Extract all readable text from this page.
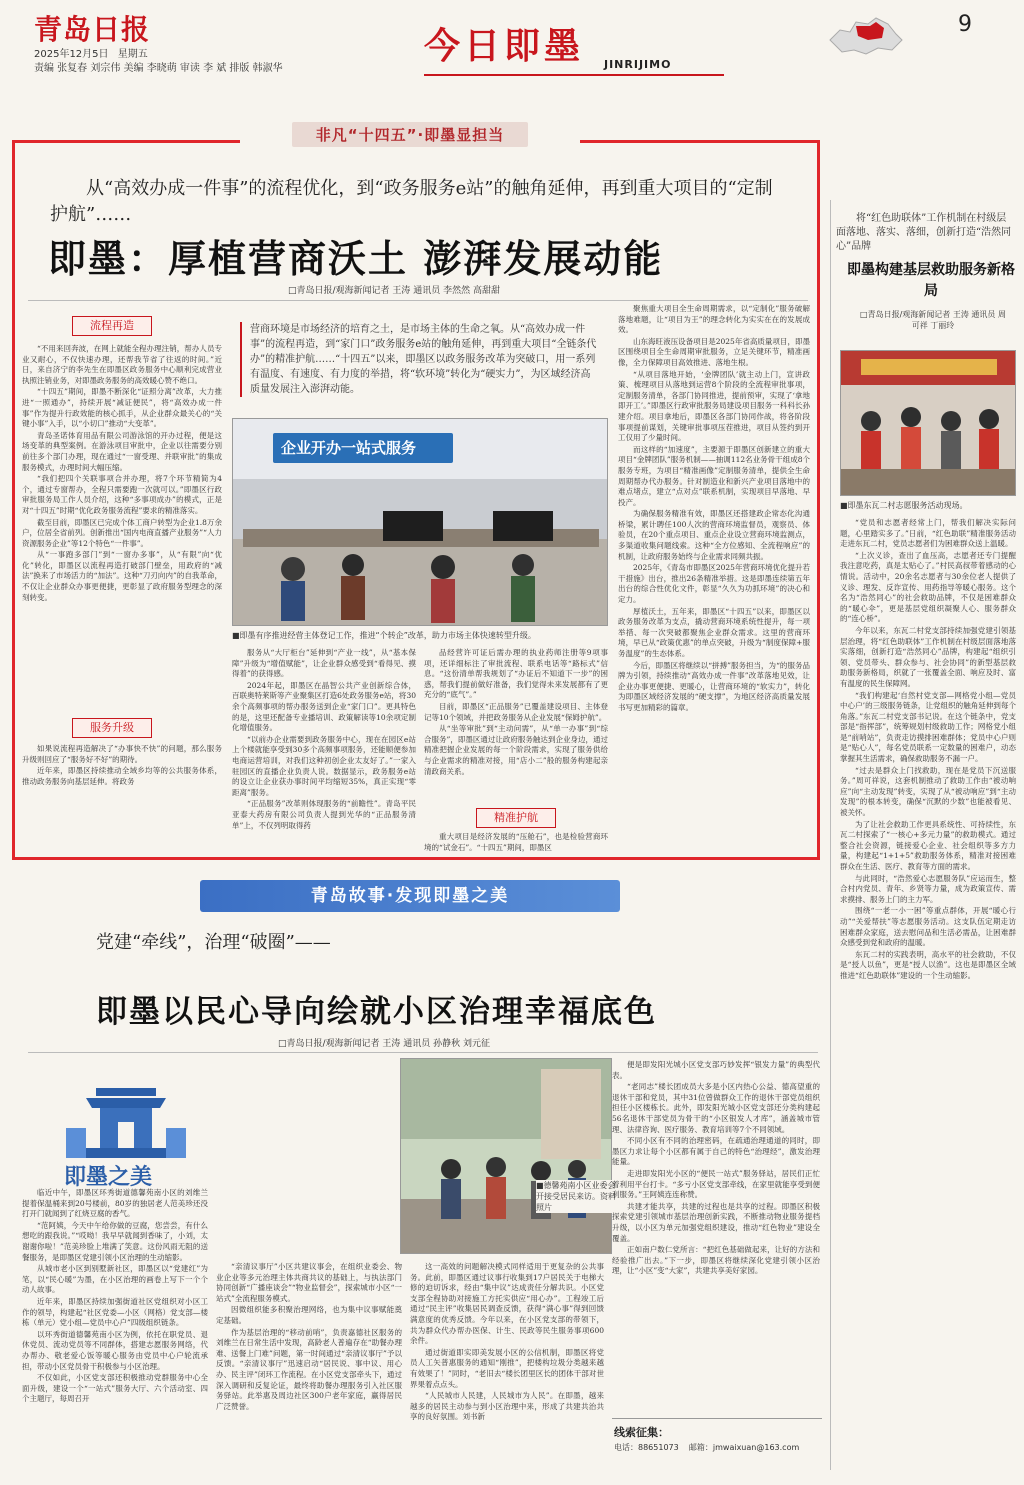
青岛日报
2025年12月5日 星期五
责编 张复春 刘宗伟 美编 李晓萌 审读 李 斌 排版 韩淑华
今日即墨 JINRIJIMO
9
非凡“十四五”·即墨显担当
从“高效办成一件事”的流程优化，到“政务服务e站”的触角延伸，再到重大项目的“定制护航”……
即墨：厚植营商沃土 澎湃发展动能
□青岛日报/观海新闻记者 王涛 通讯员 李然然 高甜甜
流程再造

“不用来回奔波，在网上就能全程办理注销，帮办人员专业又耐心，不仅快速办理，还帮我节省了往返的时间。”近日，来自济宁的李先生在即墨区政务服务中心顺利完成营业执照注销业务，对即墨政务服务的高效暖心赞不绝口。

“十四五”期间，即墨不断深化“证照分离”改革，大力推进“一照通办”，持续开展“减证便民”，将“高效办成一件事”作为提升行政效能的核心抓手，从企业群众最关心的“关键小事”入手，以“小切口”推动“大变革”。

青岛圣诺体育用品有限公司游泳馆的开办过程，便是这场变革的典型案例。在游泳项目审批中，企业以往需要分别前往多个部门办理，现在通过“一窗受理、并联审批”的集成服务模式，办理时间大幅压缩。

“我们把四个关联事项合并办理，将7个环节精简为4个，通过专窗帮办，全程只需要跑一次就可以。”即墨区行政审批服务局工作人员介绍，这种“多事项成办”的模式，正是对“十四五”时期“优化政务服务流程”要求的精准落实。

截至目前，即墨区已完成个体工商户转型为企业1.8万余户，位居全省前列。创新推出“国内电商直播产业服务”“人力资源服务企业”等12个特色“一件事”。

从“一事跑多部门”到“一窗办多事”，从“有限”向“优化”转化，即墨区以流程再造打破部门壁垒，用政府的“减法”换来了市场活力的“加法”。这种“刀刃向内”的自我革命，不仅让企业群众办事更便捷，更彰显了政府服务型理念的深刻转变。

服务升级

如果说流程再造解决了“办事快不快”的问题，那么服务升级则回应了“服务好不好”的期待。

近年来，即墨区持续推动全域乡均等的公共服务体系，推动政务服务向基层延伸。将政务

营商环境是市场经济的培育之土，是市场主体的生命之氧。从“高效办成一件事”的流程再造，到“家门口”政务服务e站的触角延伸，再到重大项目“全链条代办”的精准护航……“十四五”以来，即墨区以政务服务改革为突破口，用一系列有温度、有速度、有力度的举措，将“软环境”转化为“硬实力”，为区域经济高质量发展注入澎湃动能。
企业开办一站式服务
■即墨有序推进经营主体登记工作，推进“个转企”改革，助力市场主体快速转型升级。

服务从“大厅柜台”延伸到“产业一线”，从“基本保障”升级为“增值赋能”，让企业群众感受到“看得见、摸得着”的获得感。

2024年起，即墨区在晶智公共产业创新综合体，百联奥特莱斯等产业聚集区打造6处政务服务e站，将30余个高频事项的帮办服务送到企业“家门口”。更具特色的是，这里还配备专业播培训、政策解读等10余项定制化增值服务。

“以前办企业需要到政务服务中心，现在在园区e站上个楼就能享受到30多个高频事项服务，还能顺便参加电商运营培训，对我们这种初创企业太友好了。”一家入驻园区的直播企业负责人说。数据显示，政务服务e站的设立让企业获办事时间平均缩短35%，真正实现“零距离”服务。

“正品服务”改革则体现服务的“前瞻性”。青岛平民亚泰大药房有限公司负责人提到光华的“正品服务清单”上，不仅列明取得药

品经营许可证后需办理的执业药师注册等9项事项，还详细标注了审批流程、联系电话等“路标式”信息。“这份清单帮我规划了“办证后不知道下一步”的困惑，帮我们提前做好准备，我们觉得未来发展都有了更充分的“底气”。”

目前，即墨区“正品服务”已覆盖建设项目、主体登记等10个领域，并把政务服务从企业发展“保姆护航”。

从“坐等审批”到“主动问需”，从“单一办事”到“综合服务”，即墨区通过让政府服务触达到企业身边，通过精准把握企业发展的每一个阶段需求，实现了服务供给与企业需求的精准对接，用“店小二”般的服务构建起亲清政商关系。

精准护航

重大项目是经济发展的“压舱石”，也是检验营商环境的“试金石”。“十四五”期间，即墨区

聚焦重大项目全生命周期需求，以“定制化”服务破解落地难题，让“项目为王”的理念转化为实实在在的发展成效。

山东海旺液压设备项目是2025年省高质量项目，即墨区围绕项目全生命周期审批服务，立足关键环节，精准画像，全力保障项目高效推进、落地生根。

“从项目落地开始，‘金牌团队’就主动上门，宣讲政策、梳理项目从落地到运营8个阶段的全流程审批事项，定制服务清单，各部门协同推进，提前预审，实现了‘拿地即开工’。”即墨区行政审批服务局建设项目服务一科科长孙建介绍。项目拿地后，即墨区各部门协同作战，将各阶段事项提前谋划，关键审批事项压茬推进，项目从签约到开工仅用了少量时间。

而这样的“加速度”，主要源于即墨区创新建立的重大项目“金牌团队”服务机制——抽调112名业务骨干组成8个服务专班，为项目“精准画像”定制服务清单，提供全生命周期帮办代办服务。针对制造业和新兴产业项目落地中的难点堵点，建立“点对点”联系机制，实现项目早落地、早投产。

为确保服务精准有效，即墨区还搭建政企常态化沟通桥梁，累计聘任100人次的营商环境监督员，观察员、体验员，在20个重点项目、重点企业设立营商环境监测点，多渠道收集问题线索。这种“全方位感知、全流程响应”的机制，让政府服务始终与企业需求同频共振。

2025年，《青岛市即墨区2025年营商环境优化提升若干措施》出台，推出26条精准举措。这是即墨连续第五年出台的综合性优化文件，彰显“久久为功抓环境”的决心和定力。

厚植沃土，五年来，即墨区“十四五”以来，即墨区以政务服务改革为支点，撬动营商环境系统性提升，每一项举措、每一次突破都聚焦企业群众需求。这里的营商环境，早已从“政策优惠”的单点突破，升级为“制度保障+服务温度”的生态体系。

今后，即墨区将继续以“拼搏”服务担当，为“的服务品牌为引领，持续推动“高效办成一件事”改革落地见效，让企业办事更便捷、更暖心，让营商环境的“软实力”，转化为即墨区域经济发展的“硬支撑”，为地区经济高质量发展书写更加精彩的篇章。

将“红色助联体”工作机制在村级层面落地、落实、落细，创新打造“浩然同心”品牌
即墨构建基层救助服务新格局
□青岛日报/观海新闻记者 王涛 通讯员 周可祥 丁丽玲
■即墨东瓦二村志愿服务活动现场。

“党员和志愿者经常上门，帮我们解决实际问题，心里踏实多了。”日前，“红色助联”精准服务活动走进东瓦二村，党员志愿者们为困难群众送上温暖。

“上次义诊，查出了血压高，志愿者还专门提醒我注意吃药，真是太贴心了。”村民高叔带着感动的心情说。活动中，20余名志愿者与30余位老人提供了义诊、理发、反诈宣传、用药指导等暖心服务。这个名为“浩然同心”的社会救助品牌，不仅是困难群众的“暖心伞”，更是基层党组织凝聚人心、服务群众的“连心桥”。

今年以来，东瓦二村党支部持续加强党建引领基层治理，将“红色助联体”工作机制在村级层面落地落实落细，创新打造“浩然同心”品牌，构建起“组织引领、党员带头、群众参与、社会协同”的新型基层救助服务新格局，织就了一张覆盖全面、响应及时、富有温度的民生保障网。

“我们构建起‘自然村党支部—网格党小组—党员中心户’的三级服务链条，让党组织的触角延伸到每个角落。”东瓦二村党支部书记说。在这个链条中，党支部是“指挥部”，统筹规划村级救助工作；网格党小组是“前哨站”，负责走访摸排困难群体；党员中心户则是“贴心人”，每名党员联系一定数量的困难户，动态掌握其生活需求，确保救助服务不漏一户。

“过去是群众上门找救助，现在是党员下沉送服务。”周可祥说，这套机制推动了救助工作由“被动响应”向“主动发现”转变，实现了从“被动响应”到“主动发现”的根本转变，确保“沉默的少数”也能被看见、被关怀。

为了让社会救助工作更具系统性、可持续性，东瓦二村探索了“一核心+多元力量”的救助模式。通过整合社会资源，链接爱心企业、社会组织等多方力量，构建起“1+1+5”救助服务体系，精准对接困难群众在生活、医疗、教育等方面的需求。

与此同时，“浩然爱心志愿服务队”应运而生，整合村内党员、青年、乡贤等力量，成为政策宣传、需求摸排、服务上门的主力军。

围绕“一老一小一困”等重点群体，开展“暖心行动”“关爱帮扶”等志愿服务活动。这支队伍定期走访困难群众家庭，送去慰问品和生活必需品，让困难群众感受到党和政府的温暖。

东瓦二村的实践表明，高水平的社会救助，不仅是“授人以鱼”，更是“授人以渔”。这也是即墨区全域推进“红色助联体”建设的一个生动缩影。

青岛故事·发现即墨之美
党建“牵线”，治理“破圈”——
即墨以民心导向绘就小区治理幸福底色
□青岛日报/观海新闻记者 王涛 通讯员 孙静秋 刘元征
即墨之美	■德馨苑南小区业委会开接受居民来访。资料照片

临近中午，即墨区环秀街道德馨苑南小区的刘维兰提着保温桶来到20号楼前，80岁的独居老人范美珍还没打开门就闻到了红烧豆腐的香气。

“范阿姨，今天中午给你做的豆腐，您尝尝，有什么想吃的跟我说。”“哎呦！我早早就闻到香味了，小刘，太谢谢你啦！”范美珍脸上堆满了笑意。这份风雨无阻的送餐服务，是即墨区党建引领小区治理的生动缩影。

从城市老小区到别墅新社区，即墨区以“党建红”为笔，以“民心暖”为墨，在小区治理的画卷上写下一个个动人故事。

近年来，即墨区持续加强街道社区党组织对小区工作的领导，构建起“社区党委—小区（网格）党支部—楼栋（单元）党小组—党员中心户”四级组织链条。

以环秀街道德馨苑南小区为例，依托在职党员、退休党员、流动党员等不同群体，搭建志愿服务网络，代办帮办、敬老爱心饭等暖心服务由党员中心户轮流承担，带动小区党员骨干积极参与小区治理。

不仅如此，小区党支部还积极推动党群服务中心全面升级，建设一个“一站式”服务大厅、六个活动室、四个主题厅，每周召开

“亲清议事厅”小区共建议事会，在组织业委会、物业企业等多元治理主体共商共议的基础上，与执法部门协同创新“广播座谈会”“物业监督会”，探索城市小区“一站式”全流程服务模式。

因微组织能多积聚治理网络，也为集中议事赋能奠定基础。

作为基层治理的“移动前哨”，负责嘉德社区服务的刘维兰在日常生活中发现，高龄老人普遍存在“助餐办理难、送餐上门难”问题，第一时间通过“亲清议事厅”予以反馈。“亲清议事厅”迅速启动“居民说、事中议、用心办、民主评”闭环工作流程。在小区党支部牵头下，通过深入调研和反复论证，最终将助餐办理服务引入社区服务驿站。此举惠及周边社区300户老年家庭，赢得居民广泛赞誉。

这一高效的问题解决模式同样适用于更复杂的公共事务。此前，即墨区通过议事行收集到17户居民关于电梯大修的迫切诉求，经由“集中议”达成责任分解共识。小区党支部全程协助对接施工方托实供应“用心办”。工程竣工后通过“民主评”收集居民调查反馈，获得“满心事”得到回馈满意度的优秀反馈。今年以来，在小区党支部的带领下，共为群众代办帮办医保、计生、民政等民生服务事项600余件。

通过街道即实即美发展小区的公信机制，即墨区将党员人工矢普惠服务的通知“刚推”，把楼构垃圾分类越来越有效果了！”同时，“老旧去“楼长团里区长的团体干部对世界果着点点头。

“人民城市人民建，人民城市为人民”。在即墨，越来越多的居民主动参与到小区治理中来，形成了共建共治共享的良好氛围。刘书新

便是即发阳光城小区党支部巧妙发挥“银发力量”的典型代表。

“老同志”楼长团成员大多是小区内热心公益、德高望重的退休干部和党员，其中31位曾做群众工作的退休干部党员组织担任小区楼栋长。此外，即发阳光城小区党支部还分类构建起56名退休干部党员为骨干的“小区银发人才库”，涵盖城市管理、法律咨询、医疗服务、教育培训等7个不同领域。

不同小区有不同的治理密码，在疏通治理通道的同时，即墨区力求让每个小区都有属于自己的特色“治理经”，激发治理能量。

走进即发阳光小区的“便民一站式”服务驿站，居民们正忙着利用平台打卡。“多亏小区党支部牵线，在家里就能享受到便利服务。”王阿姨连连称赞。

共建才能共享，共建的过程也是共享的过程。即墨区积极探索党建引领城市基层治理创新实践，不断推动物业服务提档升级，以小区为单元加强党组织建设，推动“红色物业”建设全覆盖。

正如南户数仁党所言：“把红色基础做起来，让好的方法和经验推广出去。”下一步，即墨区将继续深化党建引领小区治理，让“小区”变“大家”，共建共享美好家园。

线索征集：
电话：88651073 邮箱：jmwaixuan@163.com
